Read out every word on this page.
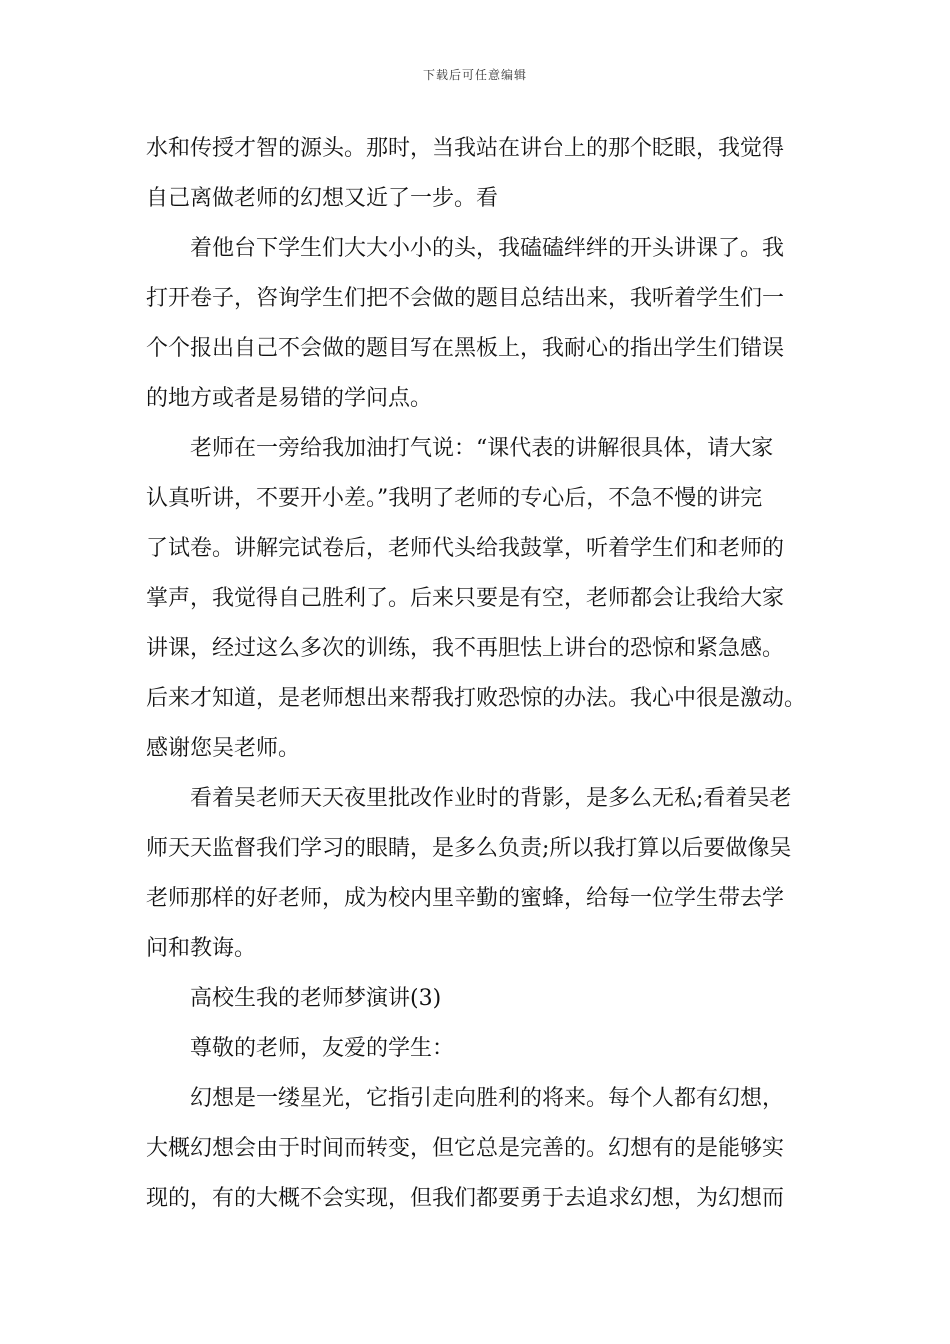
下载后可任意编辑
水和传授才智的源头。那时，当我站在讲台上的那个眨眼，我觉得
自己离做老师的幻想又近了一步。看
着他台下学生们大大小小的头，我磕磕绊绊的开头讲课了。我
打开卷子，咨询学生们把不会做的题目总结出来，我听着学生们一
个个报出自己不会做的题目写在黑板上，我耐心的指出学生们错误
的地方或者是易错的学问点。
老师在一旁给我加油打气说：“课代表的讲解很具体，请大家
认真听讲，不要开小差。”我明了老师的专心后，不急不慢的讲完
了试卷。讲解完试卷后，老师代头给我鼓掌，听着学生们和老师的
掌声，我觉得自己胜利了。后来只要是有空，老师都会让我给大家
讲课，经过这么多次的训练，我不再胆怯上讲台的恐惊和紧急感。
后来才知道，是老师想出来帮我打败恐惊的办法。我心中很是激动。
感谢您吴老师。
看着吴老师天天夜里批改作业时的背影，是多么无私;看着吴老
师天天监督我们学习的眼睛，是多么负责;所以我打算以后要做像吴
老师那样的好老师，成为校内里辛勤的蜜蜂，给每一位学生带去学
问和教诲。
高校生我的老师梦演讲(3)
尊敬的老师，友爱的学生：
幻想是一缕星光，它指引走向胜利的将来。每个人都有幻想，
大概幻想会由于时间而转变，但它总是完善的。幻想有的是能够实
现的，有的大概不会实现，但我们都要勇于去追求幻想，为幻想而
